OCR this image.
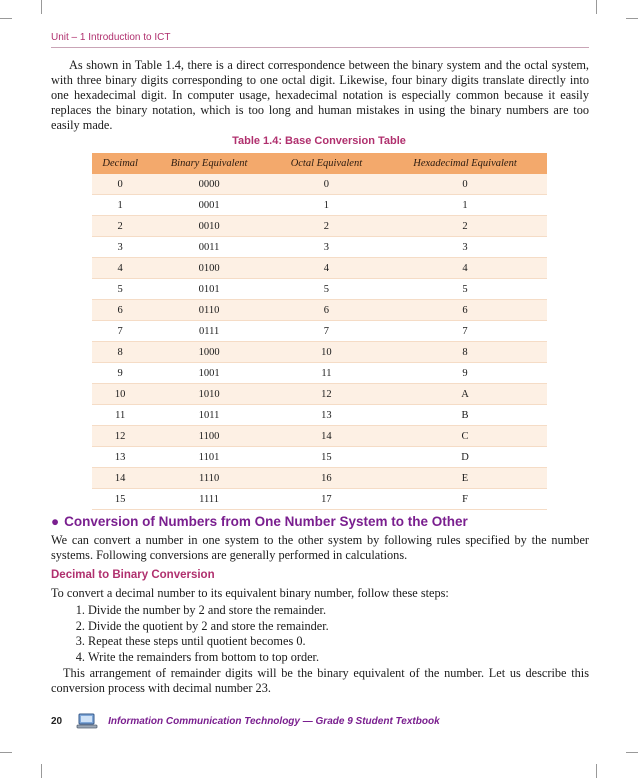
Unit – 1 Introduction to ICT

As shown in Table 1.4, there is a direct correspondence between the binary system and the octal system, with three binary digits corresponding to one octal digit. Likewise, four binary digits translate directly into one hexadecimal digit. In computer usage, hexadecimal notation is especially common because it easily replaces the binary notation, which is too long and human mistakes in using the binary numbers are too easily made.

Table 1.4: Base Conversion Table
Decimal	Binary Equivalent	Octal Equivalent	Hexadecimal Equivalent
0	0000	0	0
1	0001	1	1
2	0010	2	2
3	0011	3	3
4	0100	4	4
5	0101	5	5
6	0110	6	6
7	0111	7	7
8	1000	10	8
9	1001	11	9
10	1010	12	A
11	1011	13	B
12	1100	14	C
13	1101	15	D
14	1110	16	E
15	1111	17	F
● Conversion of Numbers from One Number System to the Other

We can convert a number in one system to the other system by following rules specified by the number systems. Following conversions are generally performed in calculations.

Decimal to Binary Conversion

To convert a decimal number to its equivalent binary number, follow these steps:

1. Divide the number by 2 and store the remainder.
2. Divide the quotient by 2 and store the remainder.
3. Repeat these steps until quotient becomes 0.
4. Write the remainders from bottom to top order.

This arrangement of remainder digits will be the binary equivalent of the number. Let us describe this conversion process with decimal number 23.

20	Information Communication Technology — Grade 9 Student Textbook
